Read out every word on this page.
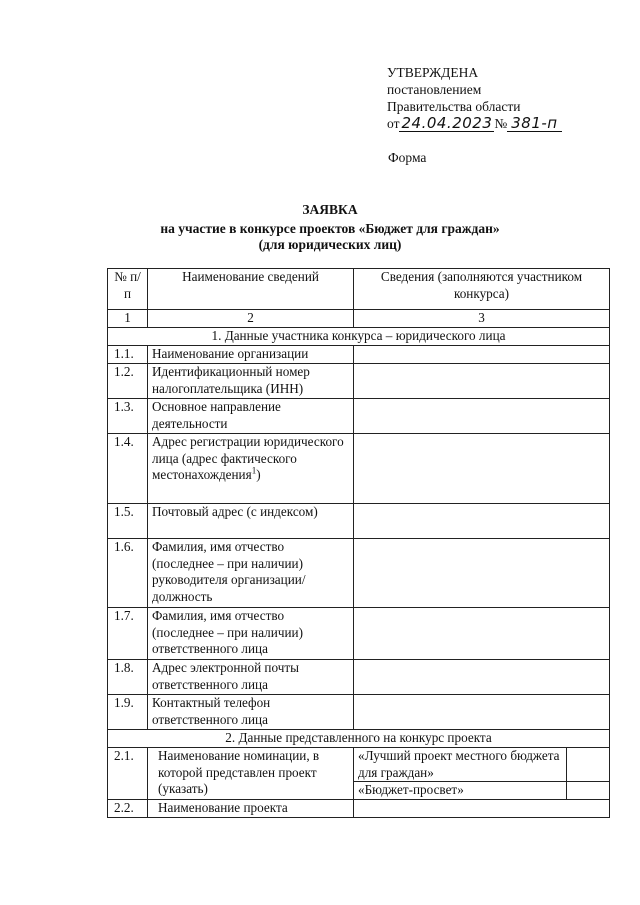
УТВЕРЖДЕНА
постановлением
Правительства области
от 24.04.2023 № 381-п
Форма
ЗАЯВКА
на участие в конкурсе проектов «Бюджет для граждан»
(для юридических лиц)
№ п/п	Наименование сведений	Сведения (заполняются участником конкурса)	
1	2	3	
1. Данные участника конкурса – юридического лица			
1.1.	Наименование организации		
1.2.	Идентификационный номер налогоплательщика (ИНН)		
1.3.	Основное направление деятельности		
1.4.	Адрес регистрации юридического лица (адрес фактического местонахождения$^1$)		
1.5.	Почтовый адрес (с индексом)		
1.6.	Фамилия, имя отчество (последнее – при наличии) руководителя организации/ должность		
1.7.	Фамилия, имя отчество (последнее – при наличии) ответственного лица		
1.8.	Адрес электронной почты ответственного лица		
1.9.	Контактный телефон ответственного лица		
2. Данные представленного на конкурс проекта			
2.1.	Наименование номинации, в которой представлен проект (указать)	«Лучший проект местного бюджета для граждан»	
		«Бюджет-просвет»	
2.2.	Наименование проекта		
